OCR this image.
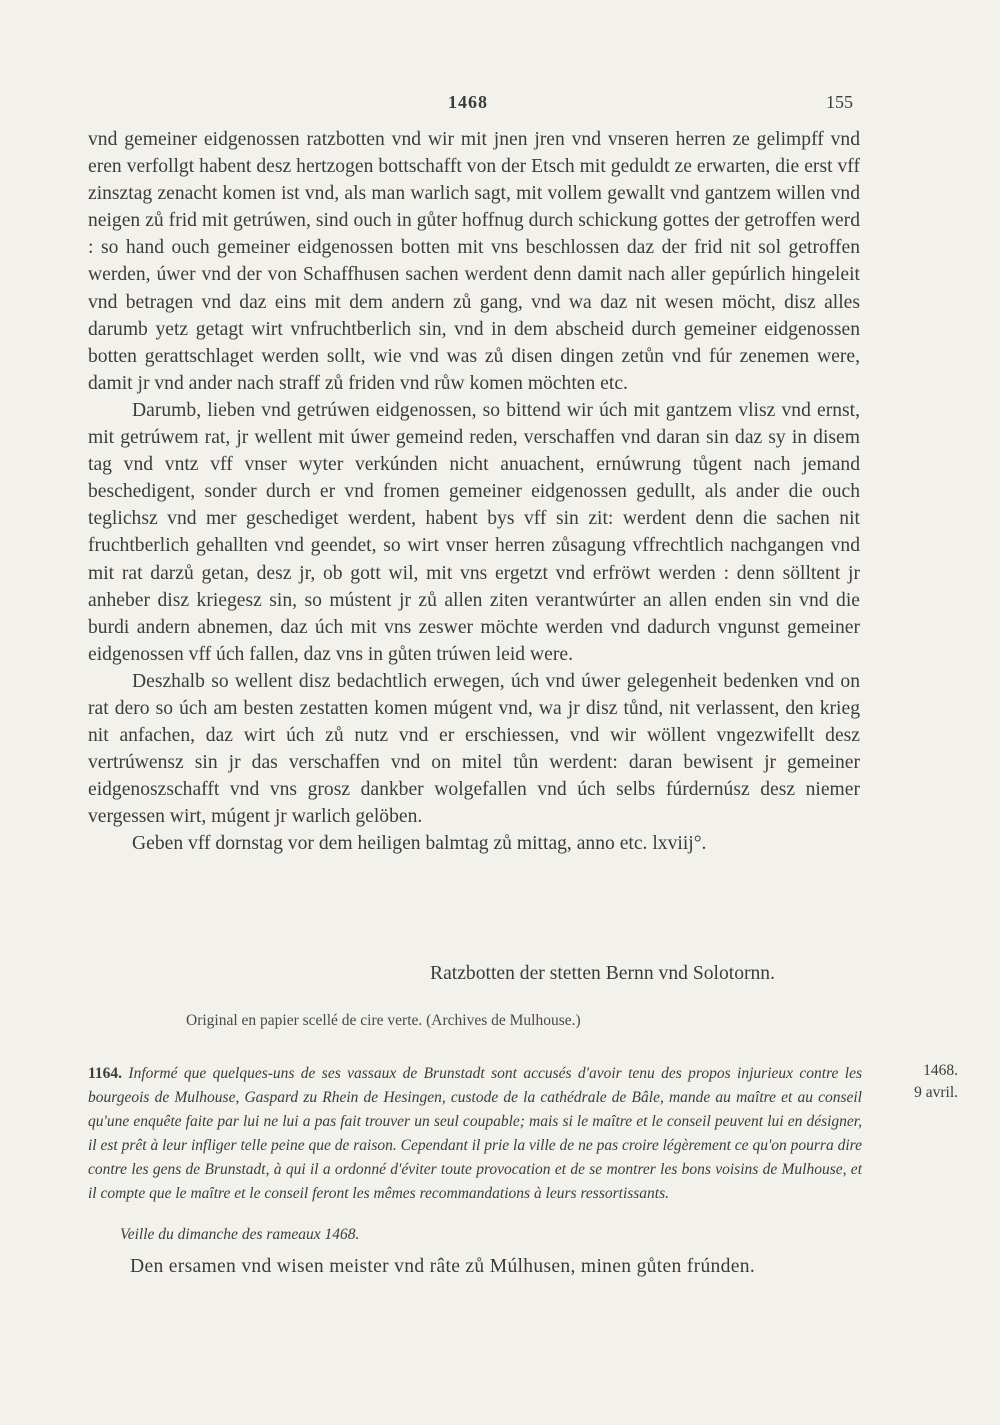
1468	155

vnd gemeiner eidgenossen ratzbotten vnd wir mit jnen jren vnd vnseren herren ze gelimpff vnd eren verfollgt habent desz hertzogen bottschafft von der Etsch mit geduldt ze erwarten, die erst vff zinsztag zenacht komen ist vnd, als man warlich sagt, mit vollem gewallt vnd gantzem willen vnd neigen zů frid mit getrúwen, sind ouch in gůter hoffnug durch schickung gottes der getroffen werd : so hand ouch gemeiner eidgenossen botten mit vns beschlossen daz der frid nit sol getroffen werden, úwer vnd der von Schaffhusen sachen werdent denn damit nach aller gepúrlich hingeleit vnd betragen vnd daz eins mit dem andern zů gang, vnd wa daz nit wesen möcht, disz alles darumb yetz getagt wirt vnfruchtberlich sin, vnd in dem abscheid durch gemeiner eidgenossen botten gerattschlaget werden sollt, wie vnd was zů disen dingen zetůn vnd fúr zenemen were, damit jr vnd ander nach straff zů friden vnd růw komen möchten etc.

Darumb, lieben vnd getrúwen eidgenossen, so bittend wir úch mit gantzem vlisz vnd ernst, mit getrúwem rat, jr wellent mit úwer gemeind reden, verschaffen vnd daran sin daz sy in disem tag vnd vntz vff vnser wyter verkúnden nicht anuachent, ernúwrung tůgent nach jemand beschedigent, sonder durch er vnd fromen gemeiner eidgenossen gedullt, als ander die ouch teglichsz vnd mer geschediget werdent, habent bys vff sin zit: werdent denn die sachen nit fruchtberlich gehallten vnd geendet, so wirt vnser herren zůsagung vffrechtlich nachgangen vnd mit rat darzů getan, desz jr, ob gott wil, mit vns ergetzt vnd erfröwt werden : denn sölltent jr anheber disz kriegesz sin, so mústent jr zů allen ziten verantwúrter an allen enden sin vnd die burdi andern abnemen, daz úch mit vns zeswer möchte werden vnd dadurch vngunst gemeiner eidgenossen vff úch fallen, daz vns in gůten trúwen leid were.

Deszhalb so wellent disz bedachtlich erwegen, úch vnd úwer gelegenheit bedenken vnd on rat dero so úch am besten zestatten komen múgent vnd, wa jr disz tůnd, nit verlassent, den krieg nit anfachen, daz wirt úch zů nutz vnd er erschiessen, vnd wir wöllent vngezwifellt desz vertrúwensz sin jr das verschaffen vnd on mitel tůn werdent: daran bewisent jr gemeiner eidgenoszschafft vnd vns grosz dankber wolgefallen vnd úch selbs fúrdernúsz desz niemer vergessen wirt, múgent jr warlich gelöben.

Geben vff dornstag vor dem heiligen balmtag zů mittag, anno etc. lxviij°.

Ratzbotten der stetten Bernn vnd Solotornn.
Original en papier scellé de cire verte. (Archives de Mulhouse.)

1164. Informé que quelques-uns de ses vassaux de Brunstadt sont accusés d'avoir tenu des propos injurieux contre les bourgeois de Mulhouse, Gaspard zu Rhein de Hesingen, custode de la cathédrale de Bâle, mande au maître et au conseil qu'une enquête faite par lui ne lui a pas fait trouver un seul coupable; mais si le maître et le conseil peuvent lui en désigner, il est prêt à leur infliger telle peine que de raison. Cependant il prie la ville de ne pas croire légèrement ce qu'on pourra dire contre les gens de Brunstadt, à qui il a ordonné d'éviter toute provocation et de se montrer les bons voisins de Mulhouse, et il compte que le maître et le conseil feront les mêmes recommandations à leurs ressortissants.

1468.
9 avril.
Veille du dimanche des rameaux 1468.
Den ersamen vnd wisen meister vnd râte zů Múlhusen, minen gůten frúnden.
